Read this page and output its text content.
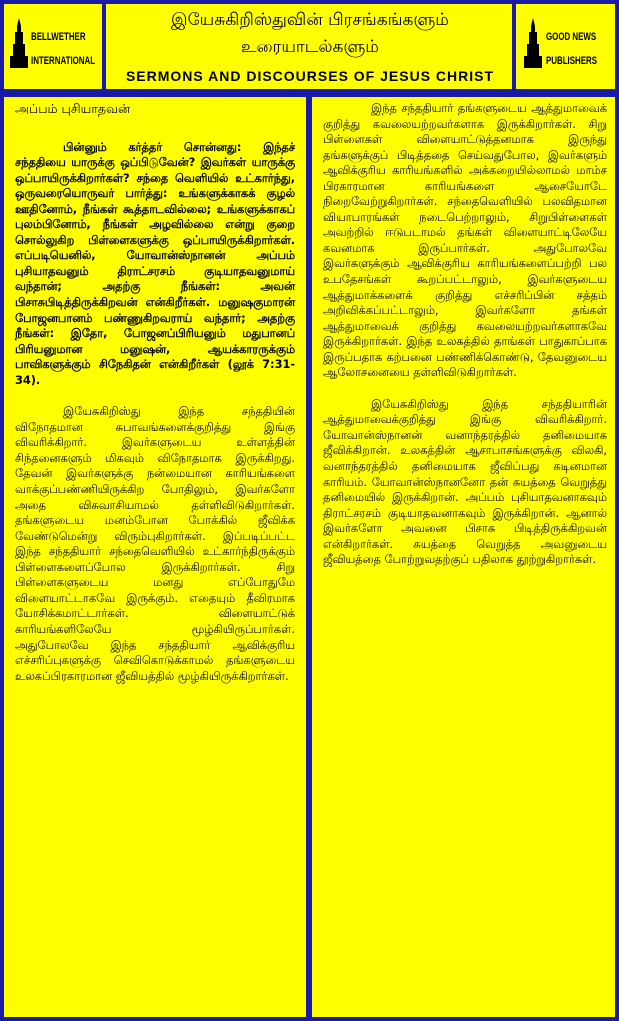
BELLWETHER
INTERNATIONAL
GOOD NEWS
PUBLISHERS
இயேசுகிறிஸ்துவின் பிரசங்கங்களும்
உரையாடல்களும்
SERMONS AND DISCOURSES OF JESUS CHRIST
அப்பம் புசியாதவன்

பின்னும் கர்த்தர் சொன்னது: இந்தச் சந்ததியை யாருக்கு ஒப்பிடுவேன்? இவர்கள் யாருக்கு ஒப்பாயிருக்கிறார்கள்? சந்தை வெளியில் உட்கார்ந்து, ஒருவரையொருவர் பார்த்து: உங்களுக்காகக் குழல் ஊதினோம், நீங்கள் கூத்தாடவில்லை; உங்களுக்காகப் புலம்பினோம், நீங்கள் அழவில்லை என்று குறை சொல்லுகிற பிள்ளைகளுக்கு ஒப்பாயிருக்கிறார்கள். எப்படியெனில், யோவான்ஸ்நானன் அப்பம் புசியாதவனும் திராட்சரசம் குடியாதவனுமாய் வந்தான்; அதற்கு நீங்கள்: அவன் பிசாசுபிடித்திருக்கிறவன் என்கிறீர்கள். மனுஷகுமாரன் போஜனபானம் பண்ணுகிறவராய் வந்தார்; அதற்கு நீங்கள்: இதோ, போஜனப்பிரியனும் மதுபானப் பிரியனுமான மனுஷன், ஆயக்காரருக்கும் பாவிகளுக்கும் சிநேகிதன் என்கிறீர்கள் (லூக் 7:31-34).

இயேசுகிறிஸ்து இந்த சந்ததியின் விநோதமான சுபாவங்களைக்குறித்து இங்கு விவரிக்கிறார். இவர்களுடைய உள்ளத்தின் சிந்தனைகளும் மிகவும் விநோதமாக இருக்கிறது. தேவன் இவர்களுக்கு நன்மையான காரியங்களை வாக்குப்பண்ணியிருக்கிற போதிலும், இவர்களோ அதை விசுவாசியாமல் தள்ளிவிடுகிறார்கள். தங்களுடைய மனம்போன போக்கில் ஜீவிக்க வேண்டுமென்று விரும்புகிறார்கள். இப்படிப்பட்ட இந்த சந்ததியார் சந்தைவெளியில் உட்கார்ந்திருக்கும் பிள்ளைகளைப்போல இருக்கிறார்கள். சிறு பிள்ளைகளுடைய மனது எப்போதுமே விளையாட்டாகவே இருக்கும். எதையும் தீவிரமாக யோசிக்கமாட்டார்கள். விளையாட்டுக் காரியங்களிலேயே மூழ்கியிருப்பார்கள். அதுபோலவே இந்த சந்ததியார் ஆவிக்குரிய எச்சரிப்புகளுக்கு செவிகொடுக்காமல் தங்களுடைய உலகப்பிரகாரமான ஜீவியத்தில் மூழ்கியிருக்கிறார்கள்.

இந்த சந்ததியார் தங்களுடைய ஆத்துமாவைக் குறித்து கவலையற்றவர்களாக இருக்கிறார்கள். சிறு பிள்ளைகள் விளையாட்டுத்தனமாக இருந்து தங்களுக்குப் பிடித்ததை செய்வதுபோல, இவர்களும் ஆவிக்குரிய காரியங்களில் அக்கறையில்லாமல் மாம்ச பிரகாரமான காரியங்களை ஆசையோடே நிறைவேற்றுகிறார்கள். சந்தைவெளியில் பலவிதமான வியாபாரங்கள் நடைபெற்றாலும், சிறுபிள்ளைகள் அவற்றில் ஈடுபடாமல் தங்கள் விளையாட்டிலேயே கவனமாக இருப்பார்கள். அதுபோலவே இவர்களுக்கும் ஆவிக்குரிய காரியங்களைப்பற்றி பல உபதேசங்கள் கூறப்பட்டாலும், இவர்களுடைய ஆத்துமாக்களைக் குறித்து எச்சரிப்பின் சத்தம் அறிவிக்கப்பட்டாலும், இவர்களோ தங்கள் ஆத்துமாவைக் குறித்து கவலையற்றவர்களாகவே இருக்கிறார்கள். இந்த உலகத்தில் தாங்கள் பாதுகாப்பாக இருப்பதாக கற்பனை பண்ணிக்கொண்டு, தேவனுடைய ஆலோசனையை தள்ளிவிடுகிறார்கள்.

இயேசுகிறிஸ்து இந்த சந்ததியாரின் ஆத்துமாவைக்குறித்து இங்கு விவரிக்கிறார். யோவான்ஸ்நானன் வனாந்தரத்தில் தனிமையாக ஜீவிக்கிறான். உலகத்தின் ஆசாபாசங்களுக்கு விலகி, வனாந்தரத்தில் தனிமையாக ஜீவிப்பது கடினமான காரியம். யோவான்ஸ்நானனோ தன் சுயத்தை வெறுத்து தனிமையில் இருக்கிறான். அப்பம் புசியாதவனாகவும் திராட்சரசம் குடியாதவனாகவும் இருக்கிறான். ஆனால் இவர்களோ அவனை பிசாசு பிடித்திருக்கிறவன் என்கிறார்கள். சுயத்தை வெறுத்த அவனுடைய ஜீவியத்தை போற்றுவதற்குப் பதிலாக தூற்றுகிறார்கள்.
